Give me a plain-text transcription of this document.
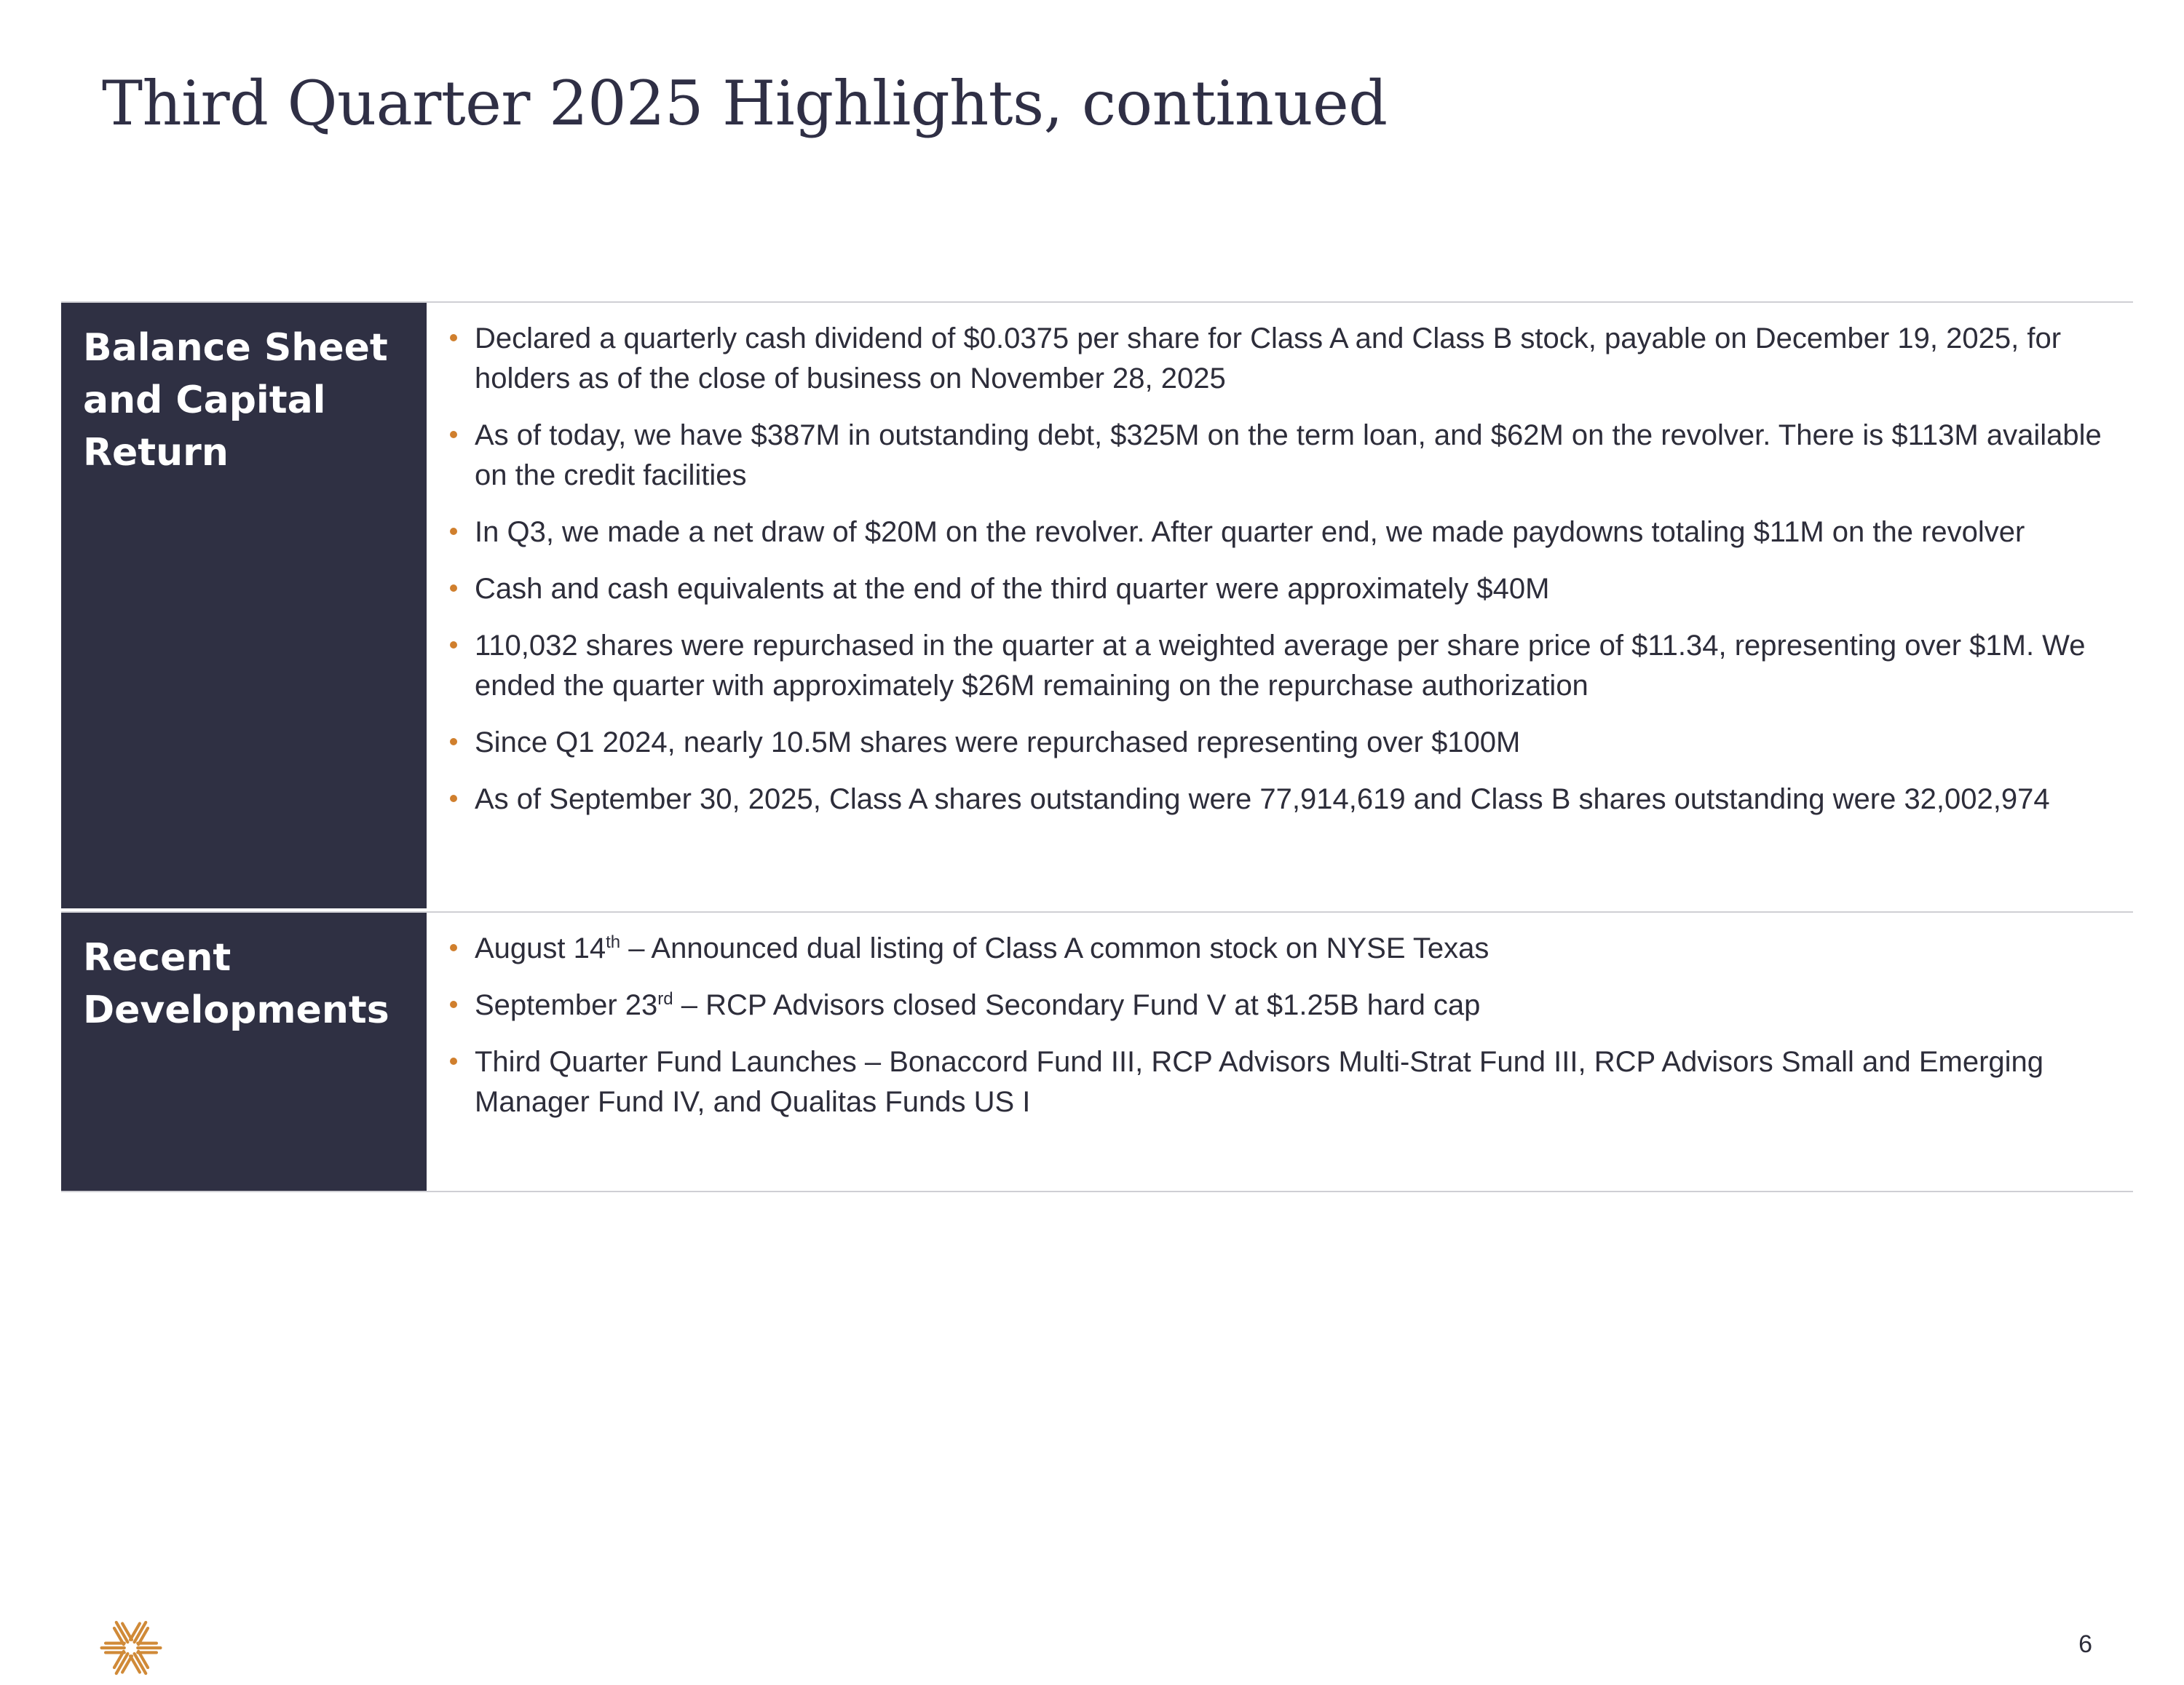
Third Quarter 2025 Highlights, continued
Balance Sheet
and Capital
Return
Declared a quarterly cash dividend of $0.0375 per share for Class A and Class B stock, payable on December 19, 2025, for holders as of the close of business on November 28, 2025
As of today, we have $387M in outstanding debt, $325M on the term loan, and $62M on the revolver. There is $113M available on the credit facilities
In Q3, we made a net draw of $20M on the revolver. After quarter end, we made paydowns totaling $11M on the revolver
Cash and cash equivalents at the end of the third quarter were approximately $40M
110,032 shares were repurchased in the quarter at a weighted average per share price of $11.34, representing over $1M. We ended the quarter with approximately $26M remaining on the repurchase authorization
Since Q1 2024, nearly 10.5M shares were repurchased representing over $100M
As of September 30, 2025, Class A shares outstanding were 77,914,619 and Class B shares outstanding were 32,002,974
Recent
Developments
August 14th – Announced dual listing of Class A common stock on NYSE Texas
September 23rd – RCP Advisors closed Secondary Fund V at $1.25B hard cap
Third Quarter Fund Launches – Bonaccord Fund III, RCP Advisors Multi-Strat Fund III, RCP Advisors Small and Emerging Manager Fund IV, and Qualitas Funds US I
6
